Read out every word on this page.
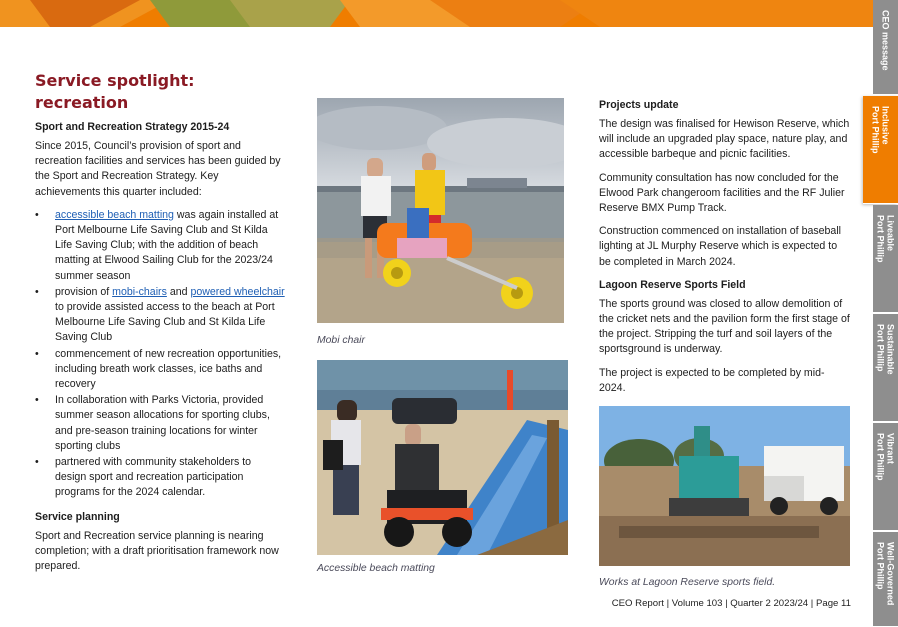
CEO message
Inclusive
Port Phillip
Liveable
Port Phillip
Sustainable
Port Phillip
Vibrant
Port Phillip
Well-Governed
Port Phillip
Service spotlight: recreation
Sport and Recreation Strategy 2015-24

Since 2015, Council’s provision of sport and recreation facilities and services has been guided by the Sport and Recreation Strategy. Key achievements this quarter included:

• accessible beach matting was again installed at Port Melbourne Life Saving Club and St Kilda Life Saving Club; with the addition of beach matting at Elwood Sailing Club for the 2023/24 summer season
• provision of mobi-chairs and powered wheelchair to provide assisted access to the beach at Port Melbourne Life Saving Club and St Kilda Life Saving Club
• commencement of new recreation opportunities, including breath work classes, ice baths and recovery
• In collaboration with Parks Victoria, provided summer season allocations for sporting clubs, and pre-season training locations for winter sporting clubs
• partnered with community stakeholders to design sport and recreation participation programs for the 2024 calendar.
Service planning

Sport and Recreation service planning is nearing completion; with a draft prioritisation framework now prepared.

Mobi chair
Accessible beach matting
Projects update

The design was finalised for Hewison Reserve, which will include an upgraded play space, nature play, and accessible barbeque and picnic facilities.

Community consultation has now concluded for the Elwood Park changeroom facilities and the RF Julier Reserve BMX Pump Track.

Construction commenced on installation of baseball lighting at JL Murphy Reserve which is expected to be completed in March 2024.

Lagoon Reserve Sports Field

The sports ground was closed to allow demolition of the cricket nets and the pavilion form the first stage of the project. Stripping the turf and soil layers of the sportsground is underway.

The project is expected to be completed by mid-2024.

Works at Lagoon Reserve sports field.
CEO Report | Volume 103 | Quarter 2 2023/24 | Page 11
